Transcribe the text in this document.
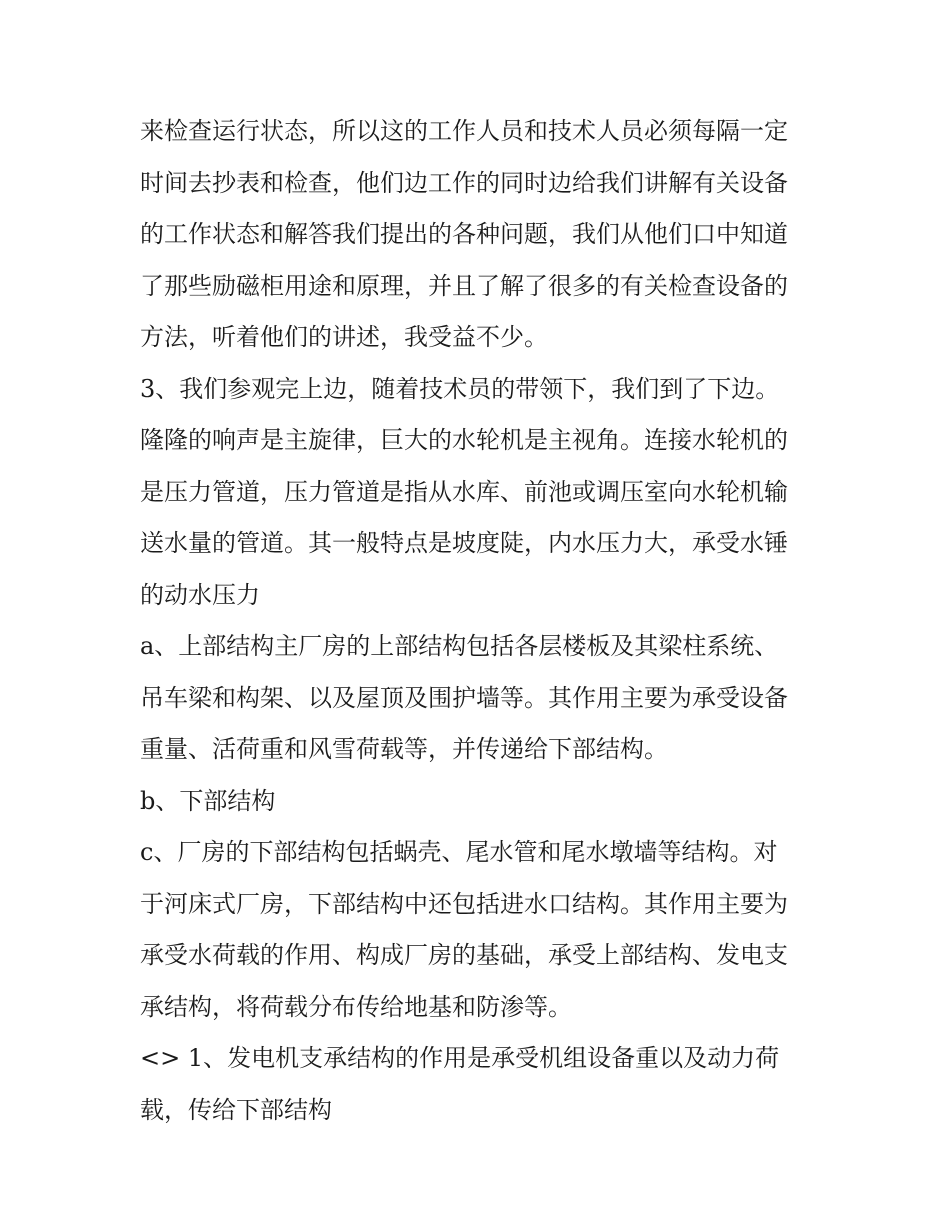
来检查运行状态，所以这的工作人员和技术人员必须每隔一定
时间去抄表和检查，他们边工作的同时边给我们讲解有关设备
的工作状态和解答我们提出的各种问题，我们从他们口中知道
了那些励磁柜用途和原理，并且了解了很多的有关检查设备的
方法，听着他们的讲述，我受益不少。
3、我们参观完上边，随着技术员的带领下，我们到了下边。
隆隆的响声是主旋律，巨大的水轮机是主视角。连接水轮机的
是压力管道，压力管道是指从水库、前池或调压室向水轮机输
送水量的管道。其一般特点是坡度陡，内水压力大，承受水锤
的动水压力
a、上部结构主厂房的上部结构包括各层楼板及其梁柱系统、
吊车梁和构架、以及屋顶及围护墙等。其作用主要为承受设备
重量、活荷重和风雪荷载等，并传递给下部结构。
b、下部结构
c、厂房的下部结构包括蜗壳、尾水管和尾水墩墙等结构。对
于河床式厂房，下部结构中还包括进水口结构。其作用主要为
承受水荷载的作用、构成厂房的基础，承受上部结构、发电支
承结构，将荷载分布传给地基和防渗等。
<> 1、发电机支承结构的作用是承受机组设备重以及动力荷
载，传给下部结构
